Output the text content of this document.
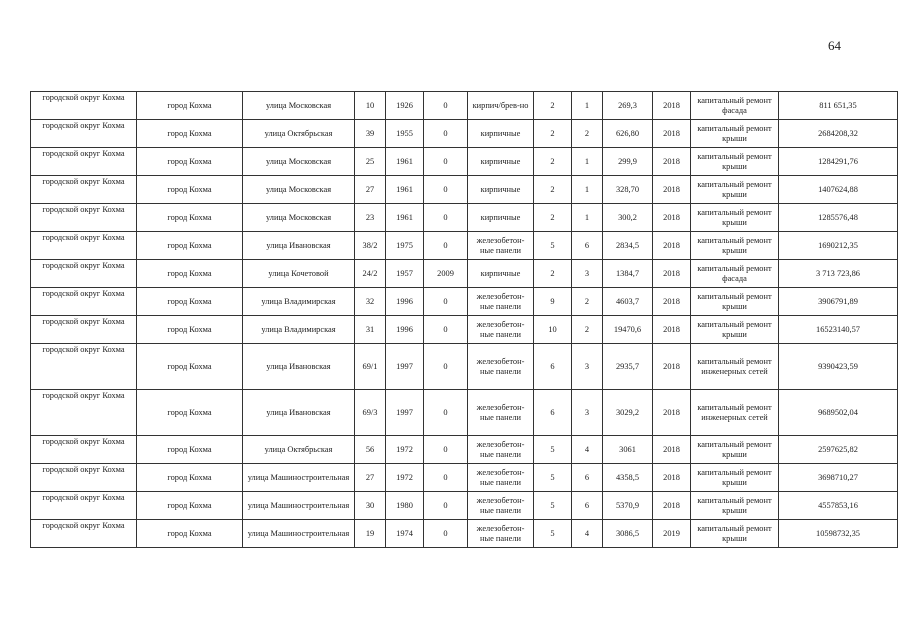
64
городской округ Кохма	город Кохма	улица Московская	10	1926	0	кирпич/брев-но	2	1	269,3	2018	капитальный ремонт фасада	811 651,35
городской округ Кохма	город Кохма	улица Октябрьская	39	1955	0	кирпичные	2	2	626,80	2018	капитальный ремонт крыши	2684208,32
городской округ Кохма	город Кохма	улица Московская	25	1961	0	кирпичные	2	1	299,9	2018	капитальный ремонт крыши	1284291,76
городской округ Кохма	город Кохма	улица Московская	27	1961	0	кирпичные	2	1	328,70	2018	капитальный ремонт крыши	1407624,88
городской округ Кохма	город Кохма	улица Московская	23	1961	0	кирпичные	2	1	300,2	2018	капитальный ремонт крыши	1285576,48
городской округ Кохма	город Кохма	улица Ивановская	38/2	1975	0	железобетон-ные панели	5	6	2834,5	2018	капитальный ремонт крыши	1690212,35
городской округ Кохма	город Кохма	улица Кочетовой	24/2	1957	2009	кирпичные	2	3	1384,7	2018	капитальный ремонт фасада	3 713 723,86
городской округ Кохма	город Кохма	улица Владимирская	32	1996	0	железобетон-ные панели	9	2	4603,7	2018	капитальный ремонт крыши	3906791,89
городской округ Кохма	город Кохма	улица Владимирская	31	1996	0	железобетон-ные панели	10	2	19470,6	2018	капитальный ремонт крыши	16523140,57
городской округ Кохма	город Кохма	улица Ивановская	69/1	1997	0	железобетон-ные панели	6	3	2935,7	2018	капитальный ремонт инженерных сетей	9390423,59
городской округ Кохма	город Кохма	улица Ивановская	69/3	1997	0	железобетон-ные панели	6	3	3029,2	2018	капитальный ремонт инженерных сетей	9689502,04
городской округ Кохма	город Кохма	улица Октябрьская	56	1972	0	железобетон-ные панели	5	4	3061	2018	капитальный ремонт крыши	2597625,82
городской округ Кохма	город Кохма	улица Машиностроительная	27	1972	0	железобетон-ные панели	5	6	4358,5	2018	капитальный ремонт крыши	3698710,27
городской округ Кохма	город Кохма	улица Машиностроительная	30	1980	0	железобетон-ные панели	5	6	5370,9	2018	капитальный ремонт крыши	4557853,16
городской округ Кохма	город Кохма	улица Машиностроительная	19	1974	0	железобетон-ные панели	5	4	3086,5	2019	капитальный ремонт крыши	10598732,35
